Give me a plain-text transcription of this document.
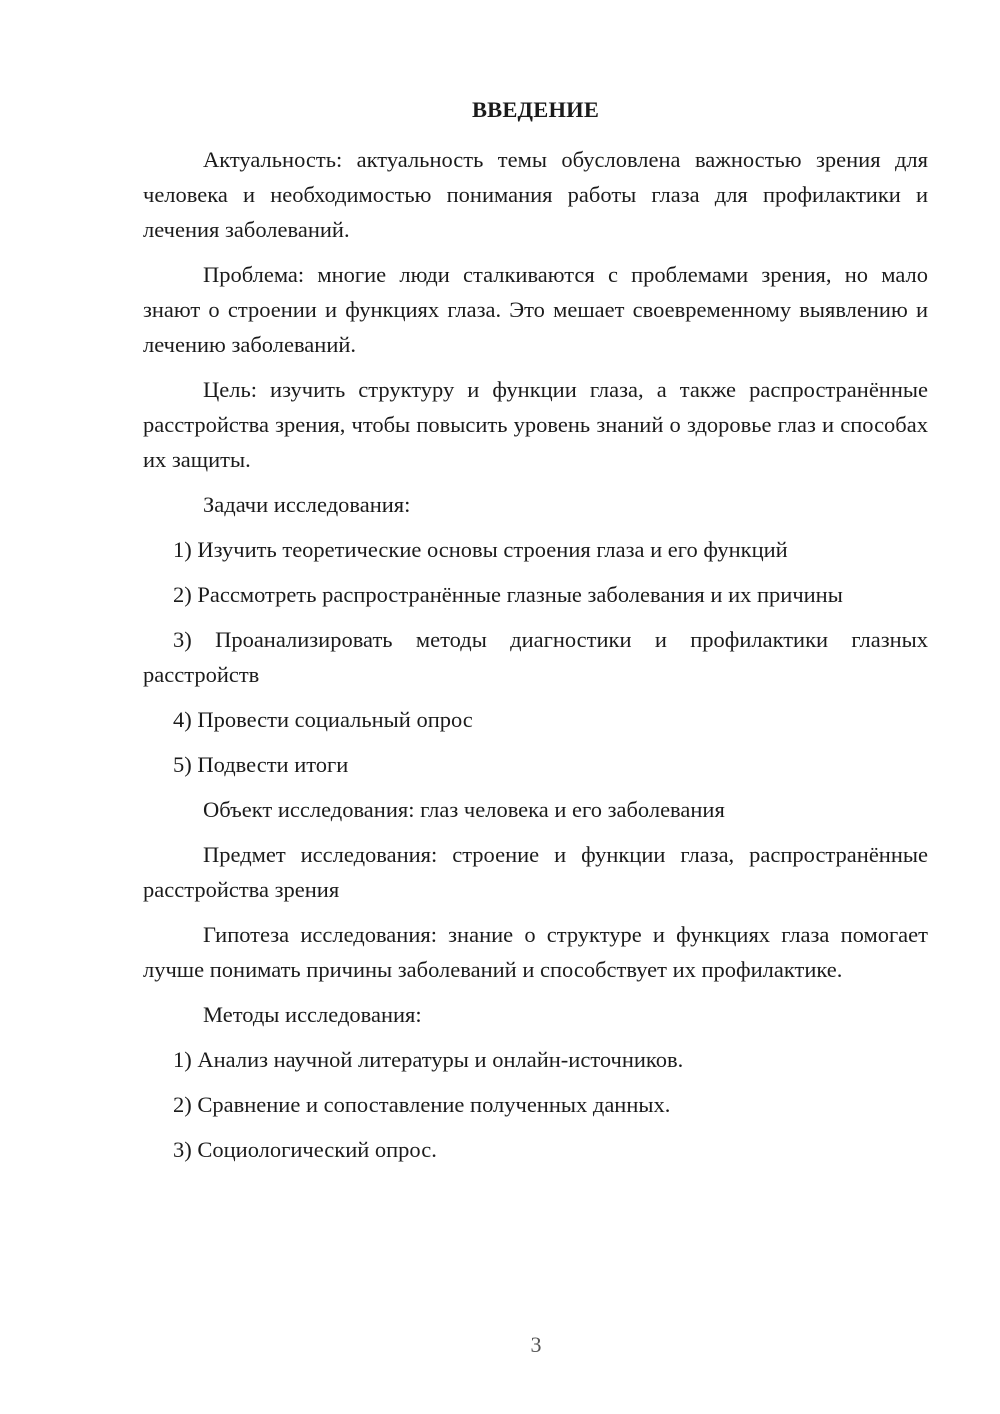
ВВЕДЕНИЕ

Актуальность: актуальность темы обусловлена важностью зрения для человека и необходимостью понимания работы глаза для профилактики и лечения заболеваний.

Проблема: многие люди сталкиваются с проблемами зрения, но мало знают о строении и функциях глаза. Это мешает своевременному выявлению и лечению заболеваний.

Цель: изучить структуру и функции глаза, а также распространённые расстройства зрения, чтобы повысить уровень знаний о здоровье глаз и способах их защиты.

Задачи исследования:

1) Изучить теоретические основы строения глаза и его функций

2) Рассмотреть распространённые глазные заболевания и их причины

3) Проанализировать методы диагностики и профилактики глазных расстройств

4) Провести социальный опрос

5) Подвести итоги

Объект исследования: глаз человека и его заболевания

Предмет исследования: строение и функции глаза, распространённые расстройства зрения

Гипотеза исследования: знание о структуре и функциях глаза помогает лучше понимать причины заболеваний и способствует их профилактике.

Методы исследования:

1) Анализ научной литературы и онлайн-источников.

2) Сравнение и сопоставление полученных данных.

3) Социологический опрос.

3
